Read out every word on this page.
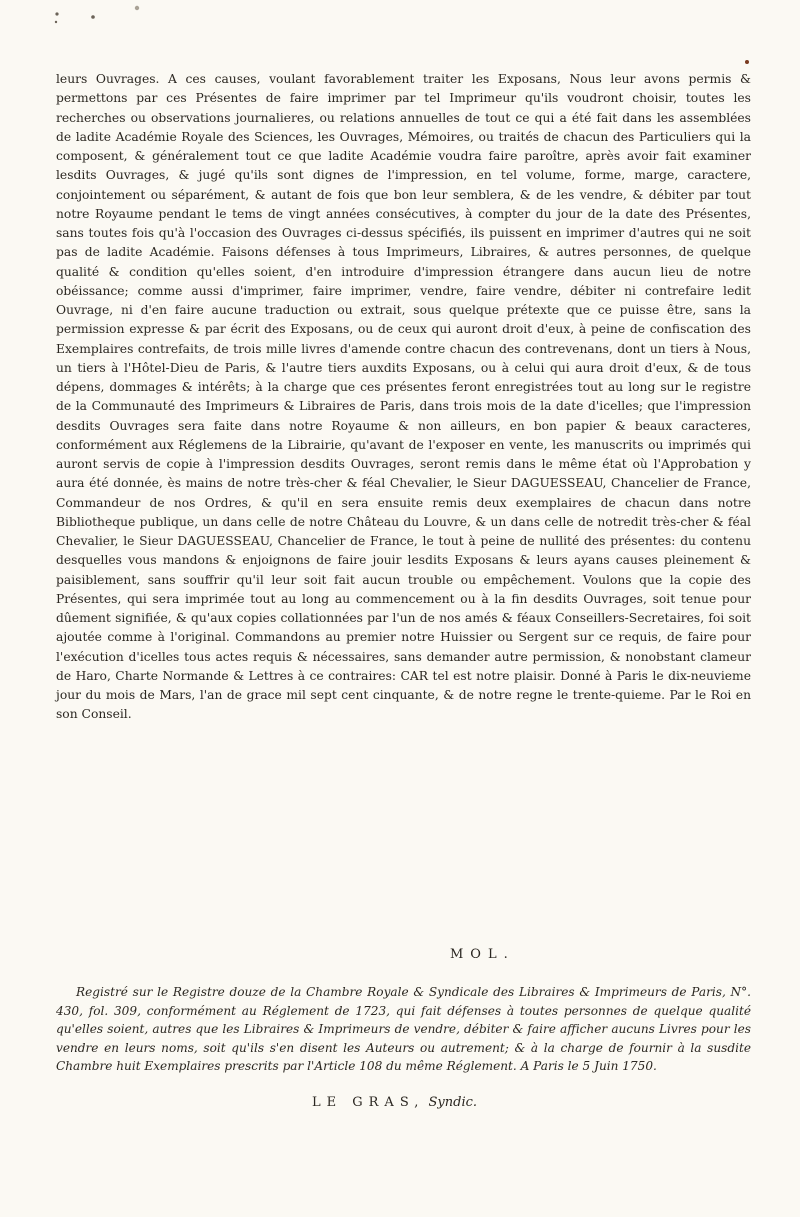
leurs Ouvrages. A ces causes, voulant favorablement traiter les Exposans, Nous leur avons permis & permettons par ces Présentes de faire imprimer par tel Imprimeur qu'ils voudront choisir, toutes les recherches ou observations journalieres, ou relations annuelles de tout ce qui a été fait dans les assemblées de ladite Académie Royale des Sciences, les Ouvrages, Mémoires, ou traités de chacun des Particuliers qui la composent, & généralement tout ce que ladite Académie voudra faire paroître, après avoir fait examiner lesdits Ouvrages, & jugé qu'ils sont dignes de l'impression, en tel volume, forme, marge, caractere, conjointement ou séparément, & autant de fois que bon leur semblera, & de les vendre, & débiter par tout notre Royaume pendant le tems de vingt années consécutives, à compter du jour de la date des Présentes, sans toutes fois qu'à l'occasion des Ouvrages ci-dessus spécifiés, ils puissent en imprimer d'autres qui ne soit pas de ladite Académie. Faisons défenses à tous Imprimeurs, Libraires, & autres personnes, de quelque qualité & condition qu'elles soient, d'en introduire d'impression étrangere dans aucun lieu de notre obéissance; comme aussi d'imprimer, faire imprimer, vendre, faire vendre, débiter ni contrefaire ledit Ouvrage, ni d'en faire aucune traduction ou extrait, sous quelque prétexte que ce puisse être, sans la permission expresse & par écrit des Exposans, ou de ceux qui auront droit d'eux, à peine de confiscation des Exemplaires contrefaits, de trois mille livres d'amende contre chacun des contrevenans, dont un tiers à Nous, un tiers à l'Hôtel-Dieu de Paris, & l'autre tiers auxdits Exposans, ou à celui qui aura droit d'eux, & de tous dépens, dommages & intérêts; à la charge que ces présentes feront enregistrées tout au long sur le registre de la Communauté des Imprimeurs & Libraires de Paris, dans trois mois de la date d'icelles; que l'impression desdits Ouvrages sera faite dans notre Royaume & non ailleurs, en bon papier & beaux caracteres, conformément aux Réglemens de la Librairie, qu'avant de l'exposer en vente, les manuscrits ou imprimés qui auront servis de copie à l'impression desdits Ouvrages, seront remis dans le même état où l'Approbation y aura été donnée, ès mains de notre très-cher & féal Chevalier, le Sieur DAGUESSEAU, Chancelier de France, Commandeur de nos Ordres, & qu'il en sera ensuite remis deux exemplaires de chacun dans notre Bibliotheque publique, un dans celle de notre Château du Louvre, & un dans celle de notredit très-cher & féal Chevalier, le Sieur DAGUESSEAU, Chancelier de France, le tout à peine de nullité des présentes: du contenu desquelles vous mandons & enjoignons de faire jouir lesdits Exposans & leurs ayans causes pleinement & paisiblement, sans souffrir qu'il leur soit fait aucun trouble ou empêchement. Voulons que la copie des Présentes, qui sera imprimée tout au long au commencement ou à la fin desdits Ouvrages, soit tenue pour dûement signifiée, & qu'aux copies collationnées par l'un de nos amés & féaux Conseillers-Secretaires, foi soit ajoutée comme à l'original. Commandons au premier notre Huissier ou Sergent sur ce requis, de faire pour l'exécution d'icelles tous actes requis & nécessaires, sans demander autre permission, & nonobstant clameur de Haro, Charte Normande & Lettres à ce contraires: CAR tel est notre plaisir. Donné à Paris le dix-neuvieme jour du mois de Mars, l'an de grace mil sept cent cinquante, & de notre regne le trente-quieme. Par le Roi en son Conseil.

MOL.

Registré sur le Registre douze de la Chambre Royale & Syndicale des Libraires & Imprimeurs de Paris, N°. 430, fol. 309, conformément au Réglement de 1723, qui fait défenses à toutes personnes de quelque qualité qu'elles soient, autres que les Libraires & Imprimeurs de vendre, débiter & faire afficher aucuns Livres pour les vendre en leurs noms, soit qu'ils s'en disent les Auteurs ou autrement; & à la charge de fournir à la susdite Chambre huit Exemplaires prescrits par l'Article 108 du même Réglement. A Paris le 5 Juin 1750.

LE GRAS, Syndic.
